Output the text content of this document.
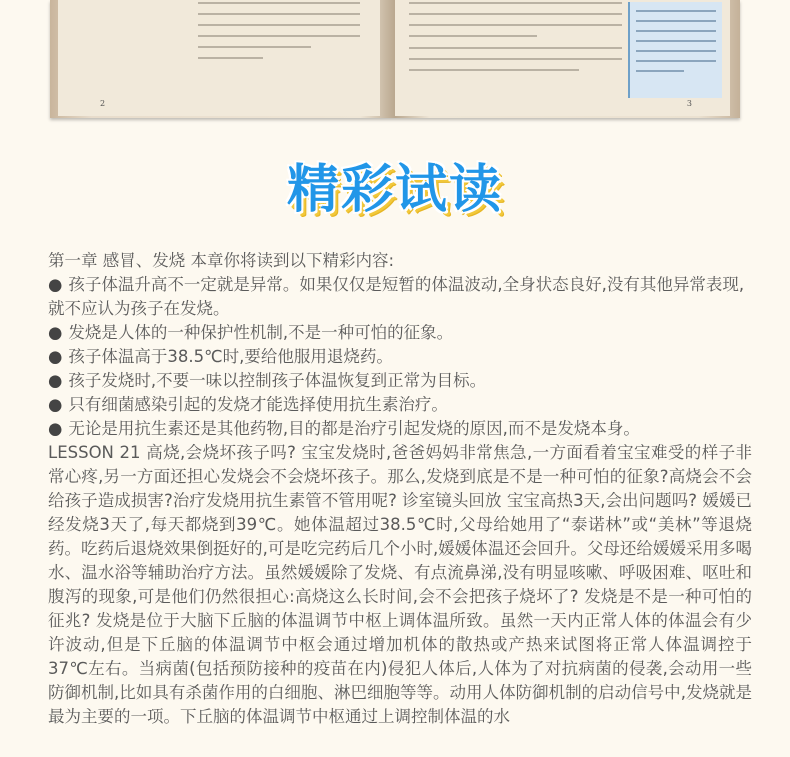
2	3
精彩试读

第一章 感冒、发烧 本章你将读到以下精彩内容:

● 孩子体温升高不一定就是异常。如果仅仅是短暂的体温波动,全身状态良好,没有其他异常表现,就不应认为孩子在发烧。
● 发烧是人体的一种保护性机制,不是一种可怕的征象。
● 孩子体温高于38.5℃时,要给他服用退烧药。
● 孩子发烧时,不要一味以控制孩子体温恢复到正常为目标。
● 只有细菌感染引起的发烧才能选择使用抗生素治疗。
● 无论是用抗生素还是其他药物,目的都是治疗引起发烧的原因,而不是发烧本身。

LESSON 21 高烧,会烧坏孩子吗? 宝宝发烧时,爸爸妈妈非常焦急,一方面看着宝宝难受的样子非常心疼,另一方面还担心发烧会不会烧坏孩子。那么,发烧到底是不是一种可怕的征象?高烧会不会给孩子造成损害?治疗发烧用抗生素管不管用呢? 诊室镜头回放 宝宝高热3天,会出问题吗? 媛媛已经发烧3天了,每天都烧到39℃。她体温超过38.5℃时,父母给她用了“泰诺林”或“美林”等退烧药。吃药后退烧效果倒挺好的,可是吃完药后几个小时,媛媛体温还会回升。父母还给媛媛采用多喝水、温水浴等辅助治疗方法。虽然媛媛除了发烧、有点流鼻涕,没有明显咳嗽、呼吸困难、呕吐和腹泻的现象,可是他们仍然很担心:高烧这么长时间,会不会把孩子烧坏了? 发烧是不是一种可怕的征兆? 发烧是位于大脑下丘脑的体温调节中枢上调体温所致。虽然一天内正常人体的体温会有少许波动,但是下丘脑的体温调节中枢会通过增加机体的散热或产热来试图将正常人体温调控于37℃左右。当病菌(包括预防接种的疫苗在内)侵犯人体后,人体为了对抗病菌的侵袭,会动用一些防御机制,比如具有杀菌作用的白细胞、淋巴细胞等等。动用人体防御机制的启动信号中,发烧就是最为主要的一项。下丘脑的体温调节中枢通过上调控制体温的水
